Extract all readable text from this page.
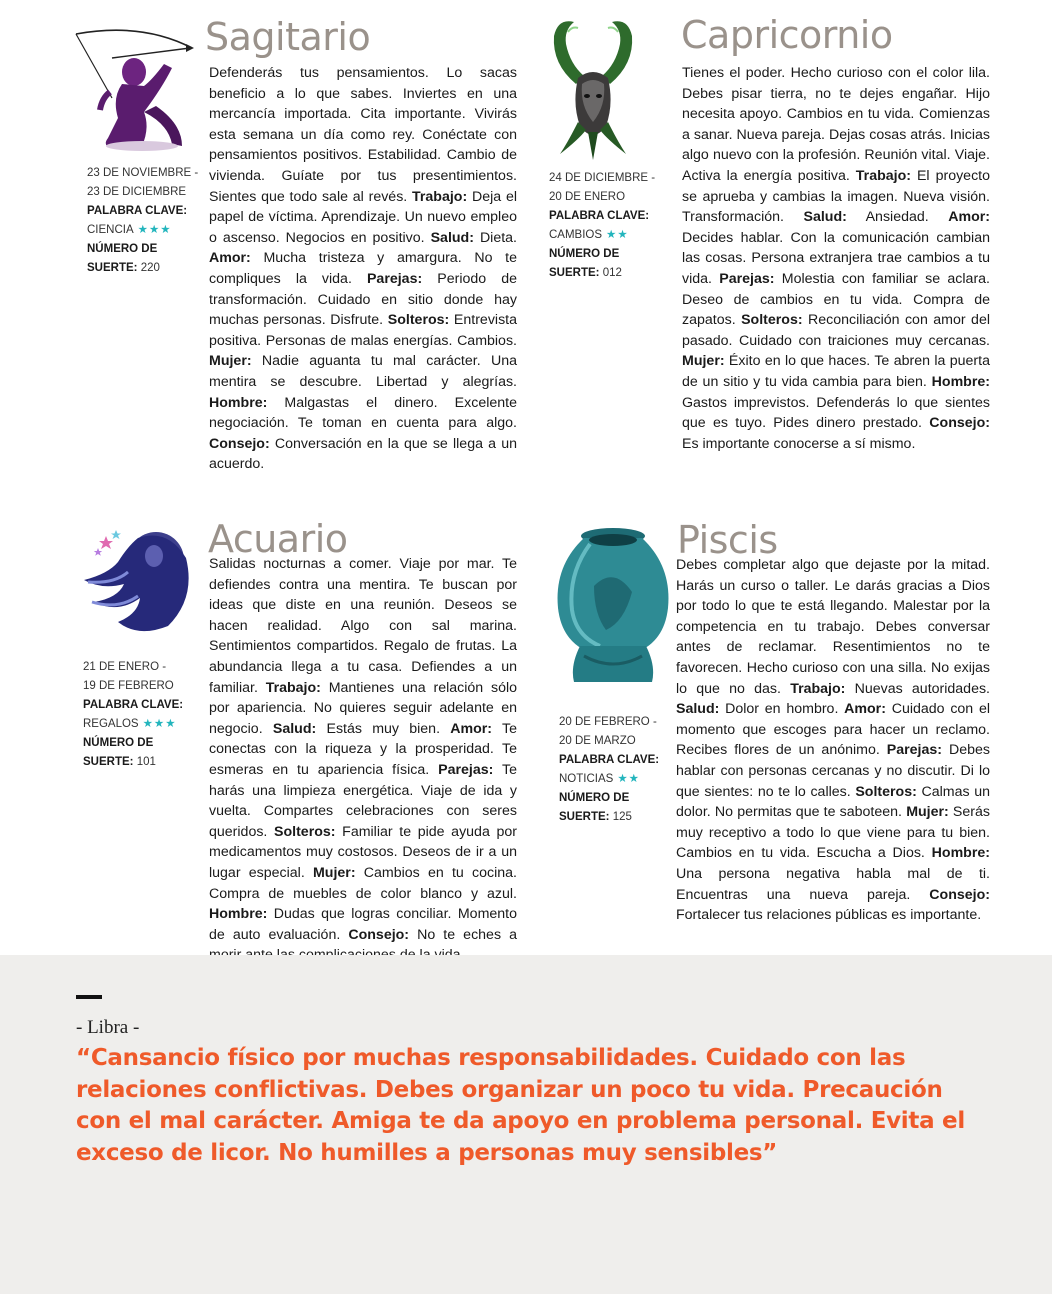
Sagitario
23 DE NOVIEMBRE -
23 DE DICIEMBRE
PALABRA CLAVE:
CIENCIA ★★★
NÚMERO DE
SUERTE: 220

Defenderás tus pensamientos. Lo sacas beneficio a lo que sabes. Inviertes en una mercancía importada. Cita importante. Vivirás esta semana un día como rey. Conéctate con pensamientos positivos. Estabilidad. Cambio de vivienda. Guíate por tus presentimientos. Sientes que todo sale al revés. Trabajo: Deja el papel de víctima. Aprendizaje. Un nuevo empleo o ascenso. Negocios en positivo. Salud: Dieta. Amor: Mucha tristeza y amargura. No te compliques la vida. Parejas: Periodo de transformación. Cuidado en sitio donde hay muchas personas. Disfrute. Solteros: Entrevista positiva. Personas de malas energías. Cambios. Mujer: Nadie aguanta tu mal carácter. Una mentira se descubre. Libertad y alegrías. Hombre: Malgastas el dinero. Excelente negociación. Te toman en cuenta para algo. Consejo: Conversación en la que se llega a un acuerdo.

Capricornio
24 DE DICIEMBRE -
20 DE ENERO
PALABRA CLAVE:
CAMBIOS ★★
NÚMERO DE
SUERTE: 012

Tienes el poder. Hecho curioso con el color lila. Debes pisar tierra, no te dejes engañar. Hijo necesita apoyo. Cambios en tu vida. Comienzas a sanar. Nueva pareja. Dejas cosas atrás. Inicias algo nuevo con la profesión. Reunión vital. Viaje. Activa la energía positiva. Trabajo: El proyecto se aprueba y cambias la imagen. Nueva visión. Transformación. Salud: Ansiedad. Amor: Decides hablar. Con la comunicación cambian las cosas. Persona extranjera trae cambios a tu vida. Parejas: Molestia con familiar se aclara. Deseo de cambios en tu vida. Compra de zapatos. Solteros: Reconciliación con amor del pasado. Cuidado con traiciones muy cercanas. Mujer: Éxito en lo que haces. Te abren la puerta de un sitio y tu vida cambia para bien. Hombre: Gastos imprevistos. Defenderás lo que sientes que es tuyo. Pides dinero prestado. Consejo: Es importante conocerse a sí mismo.

Acuario
21 DE ENERO -
19 DE FEBRERO
PALABRA CLAVE:
REGALOS ★★★
NÚMERO DE
SUERTE: 101

Salidas nocturnas a comer. Viaje por mar. Te defiendes contra una mentira. Te buscan por ideas que diste en una reunión. Deseos se hacen realidad. Algo con sal marina. Sentimientos compartidos. Regalo de frutas. La abundancia llega a tu casa. Defiendes a un familiar. Trabajo: Mantienes una relación sólo por apariencia. No quieres seguir adelante en negocio. Salud: Estás muy bien. Amor: Te conectas con la riqueza y la prosperidad. Te esmeras en tu apariencia física. Parejas: Te harás una limpieza energética. Viaje de ida y vuelta. Compartes celebraciones con seres queridos. Solteros: Familiar te pide ayuda por medicamentos muy costosos. Deseos de ir a un lugar especial. Mujer: Cambios en tu cocina. Compra de muebles de color blanco y azul. Hombre: Dudas que logras conciliar. Momento de auto evaluación. Consejo: No te eches a

Piscis
20 DE FEBRERO -
20 DE MARZO
PALABRA CLAVE:
NOTICIAS ★★
NÚMERO DE
SUERTE: 125

Debes completar algo que dejaste por la mitad. Harás un curso o taller. Le darás gracias a Dios por todo lo que te está llegando. Malestar por la competencia en tu trabajo. Debes conversar antes de reclamar. Resentimientos no te favorecen. Hecho curioso con una silla. No exijas lo que no das. Trabajo: Nuevas autoridades. Salud: Dolor en hombro. Amor: Cuidado con el momento que escoges para hacer un reclamo. Recibes flores de un anónimo. Parejas: Debes hablar con personas cercanas y no discutir. Di lo que sientes: no te lo calles. Solteros: Calmas un dolor. No permitas que te saboteen. Mujer: Serás muy receptivo a todo lo que viene para tu bien. Cambios en tu vida. Escucha a Dios. Hombre: Una persona negativa habla mal de ti. Encuentras una nueva pareja. Consejo: Fortalecer tus relaciones públicas es importante.

- Libra -

“Cansancio físico por muchas responsabilidades. Cuidado con las relaciones conflictivas. Debes organizar un poco tu vida. Precaución con el mal carácter. Amiga te da apoyo en problema personal. Evita el exceso de licor. No humilles a personas muy sensibles”
